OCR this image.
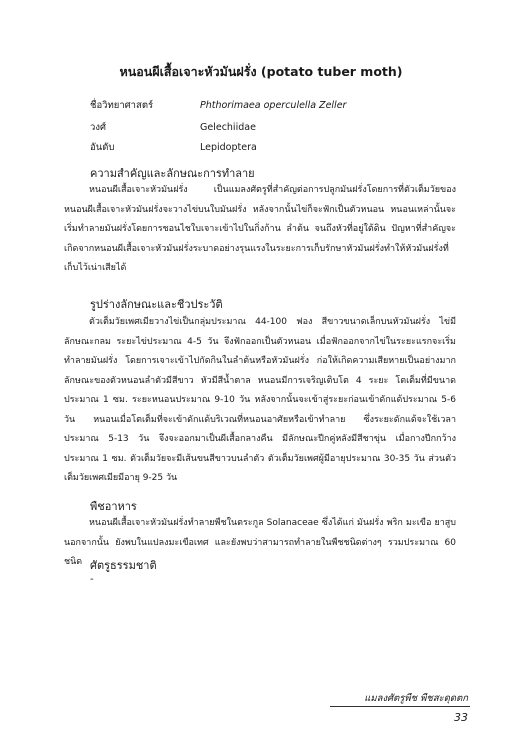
หนอนผีเสื้อเจาะหัวมันฝรั่ง (potato tuber moth)
ชื่อวิทยาศาสตร์	Phthorimaea operculella Zeller
วงศ์	Gelechiidae
อันดับ	Lepidoptera
ความสำคัญและลักษณะการทำลาย
หนอนผีเสื้อเจาะหัวมันฝรั่ง เป็นแมลงศัตรูที่สำคัญต่อการปลูกมันฝรั่งโดยการที่ตัวเต็มวัยของหนอนผีเสื้อเจาะหัวมันฝรั่งจะวางไข่บนใบมันฝรั่ง หลังจากนั้นไข่ก็จะฟักเป็นตัวหนอน หนอนเหล่านั้นจะเริ่มทำลายมันฝรั่งโดยการชอนไชใบเจาะเข้าไปในกิ่งก้าน ลำต้น จนถึงหัวที่อยู่ใต้ดิน ปัญหาที่สำคัญจะเกิดจากหนอนผีเสื้อเจาะหัวมันฝรั่งระบาดอย่างรุนแรงในระยะการเก็บรักษาหัวมันฝรั่งทำให้หัวมันฝรั่งที่เก็บไว้เน่าเสียได้
รูปร่างลักษณะและชีวประวัติ
ตัวเต็มวัยเพศเมียวางไข่เป็นกลุ่มประมาณ 44-100 ฟอง สีขาวขนาดเล็กบนหัวมันฝรั่ง ไข่มีลักษณะกลม ระยะไข่ประมาณ 4-5 วัน จึงฟักออกเป็นตัวหนอน เมื่อฟักออกจากไข่ในระยะแรกจะเริ่มทำลายมันฝรั่ง โดยการเจาะเข้าไปกัดกินในลำต้นหรือหัวมันฝรั่ง ก่อให้เกิดความเสียหายเป็นอย่างมาก ลักษณะของตัวหนอนลำตัวมีสีขาว หัวมีสีน้ำตาล หนอนมีการเจริญเติบโต 4 ระยะ โตเต็มที่มีขนาดประมาณ 1 ซม. ระยะหนอนประมาณ 9-10 วัน หลังจากนั้นจะเข้าสู่ระยะก่อนเข้าดักแด้ประมาณ 5-6 วัน หนอนเมื่อโตเต็มที่จะเข้าดักแด้บริเวณที่หนอนอาศัยหรือเข้าทำลาย ซึ่งระยะดักแด้จะใช้เวลาประมาณ 5-13 วัน จึงจะออกมาเป็นผีเสื้อกลางคืน มีลักษณะปีกคู่หลังมีสีชาขุ่น เมื่อกางปีกกว้างประมาณ 1 ซม. ตัวเต็มวัยจะมีเส้นขนสีขาวบนลำตัว ตัวเต็มวัยเพศผู้มีอายุประมาณ 30-35 วัน ส่วนตัวเต็มวัยเพศเมียมีอายุ 9-25 วัน
พืชอาหาร
หนอนผีเสื้อเจาะหัวมันฝรั่งทำลายพืชในตระกูล Solanaceae ซึ่งได้แก่ มันฝรั่ง พริก มะเขือ ยาสูบ นอกจากนั้น ยังพบในแปลงมะเขือเทศ และยังพบว่าสามารถทำลายในพืชชนิดต่างๆ รวมประมาณ 60 ชนิด ศัตรูธรรมชาติ
-
แมลงศัตรูพืช พืชสะดุดตก
33
